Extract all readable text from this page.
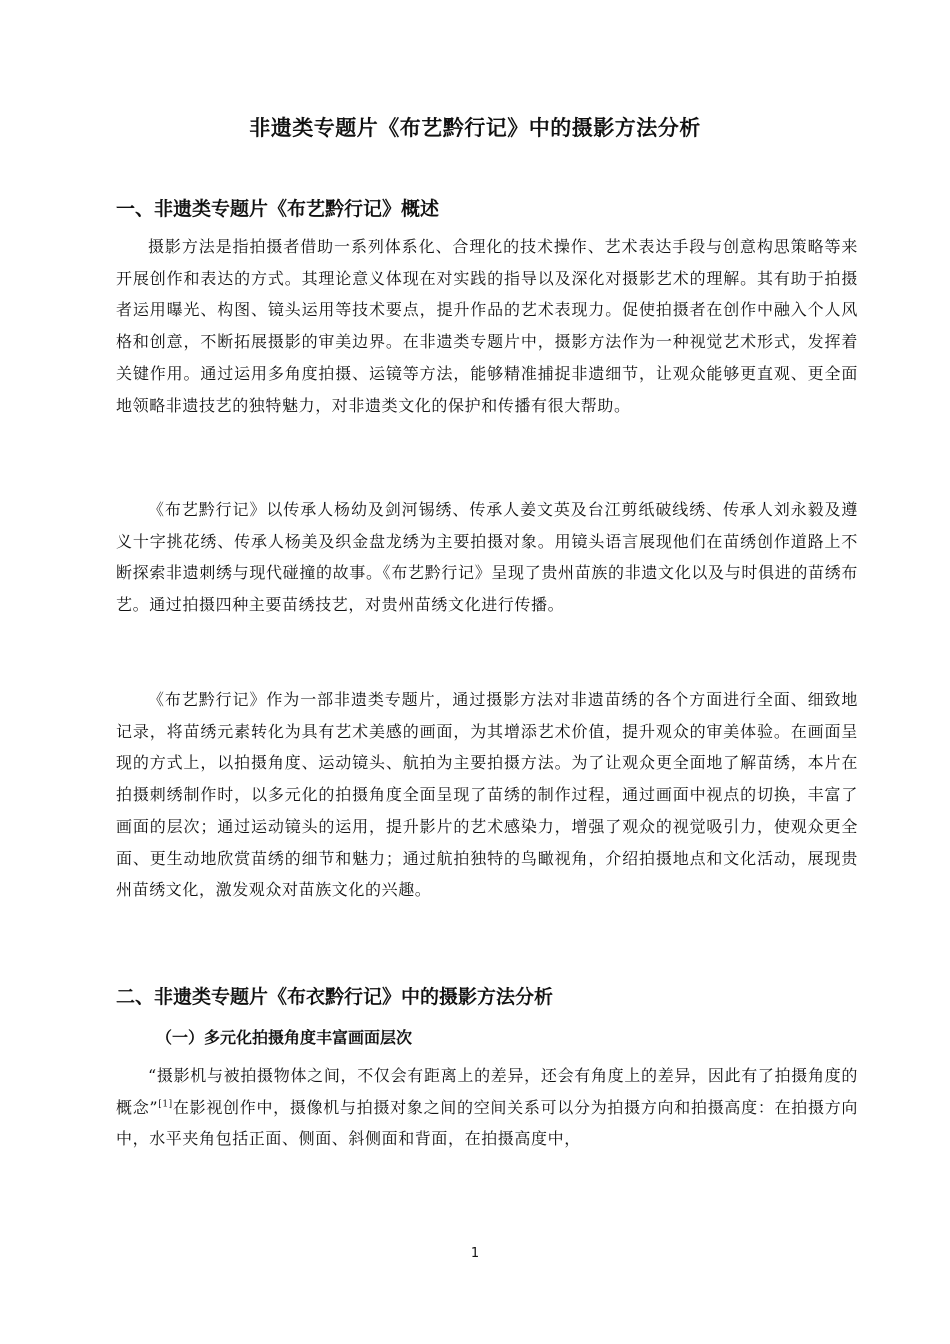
非遗类专题片《布艺黔行记》中的摄影方法分析
一、非遗类专题片《布艺黔行记》概述

摄影方法是指拍摄者借助一系列体系化、合理化的技术操作、艺术表达手段与创意构思策略等来开展创作和表达的方式。其理论意义体现在对实践的指导以及深化对摄影艺术的理解。其有助于拍摄者运用曝光、构图、镜头运用等技术要点，提升作品的艺术表现力。促使拍摄者在创作中融入个人风格和创意，不断拓展摄影的审美边界。在非遗类专题片中，摄影方法作为一种视觉艺术形式，发挥着关键作用。通过运用多角度拍摄、运镜等方法，能够精准捕捉非遗细节，让观众能够更直观、更全面地领略非遗技艺的独特魅力，对非遗类文化的保护和传播有很大帮助。

《布艺黔行记》以传承人杨幼及剑河锡绣、传承人姜文英及台江剪纸破线绣、传承人刘永毅及遵义十字挑花绣、传承人杨美及织金盘龙绣为主要拍摄对象。用镜头语言展现他们在苗绣创作道路上不断探索非遗刺绣与现代碰撞的故事。《布艺黔行记》呈现了贵州苗族的非遗文化以及与时俱进的苗绣布艺。通过拍摄四种主要苗绣技艺，对贵州苗绣文化进行传播。

《布艺黔行记》作为一部非遗类专题片，通过摄影方法对非遗苗绣的各个方面进行全面、细致地记录，将苗绣元素转化为具有艺术美感的画面，为其增添艺术价值，提升观众的审美体验。在画面呈现的方式上，以拍摄角度、运动镜头、航拍为主要拍摄方法。为了让观众更全面地了解苗绣，本片在拍摄刺绣制作时，以多元化的拍摄角度全面呈现了苗绣的制作过程，通过画面中视点的切换，丰富了画面的层次；通过运动镜头的运用，提升影片的艺术感染力，增强了观众的视觉吸引力，使观众更全面、更生动地欣赏苗绣的细节和魅力；通过航拍独特的鸟瞰视角，介绍拍摄地点和文化活动，展现贵州苗绣文化，激发观众对苗族文化的兴趣。

二、非遗类专题片《布衣黔行记》中的摄影方法分析
（一）多元化拍摄角度丰富画面层次

“摄影机与被拍摄物体之间，不仅会有距离上的差异，还会有角度上的差异，因此有了拍摄角度的概念”[1]在影视创作中，摄像机与拍摄对象之间的空间关系可以分为拍摄方向和拍摄高度：在拍摄方向中，水平夹角包括正面、侧面、斜侧面和背面，在拍摄高度中，

1
